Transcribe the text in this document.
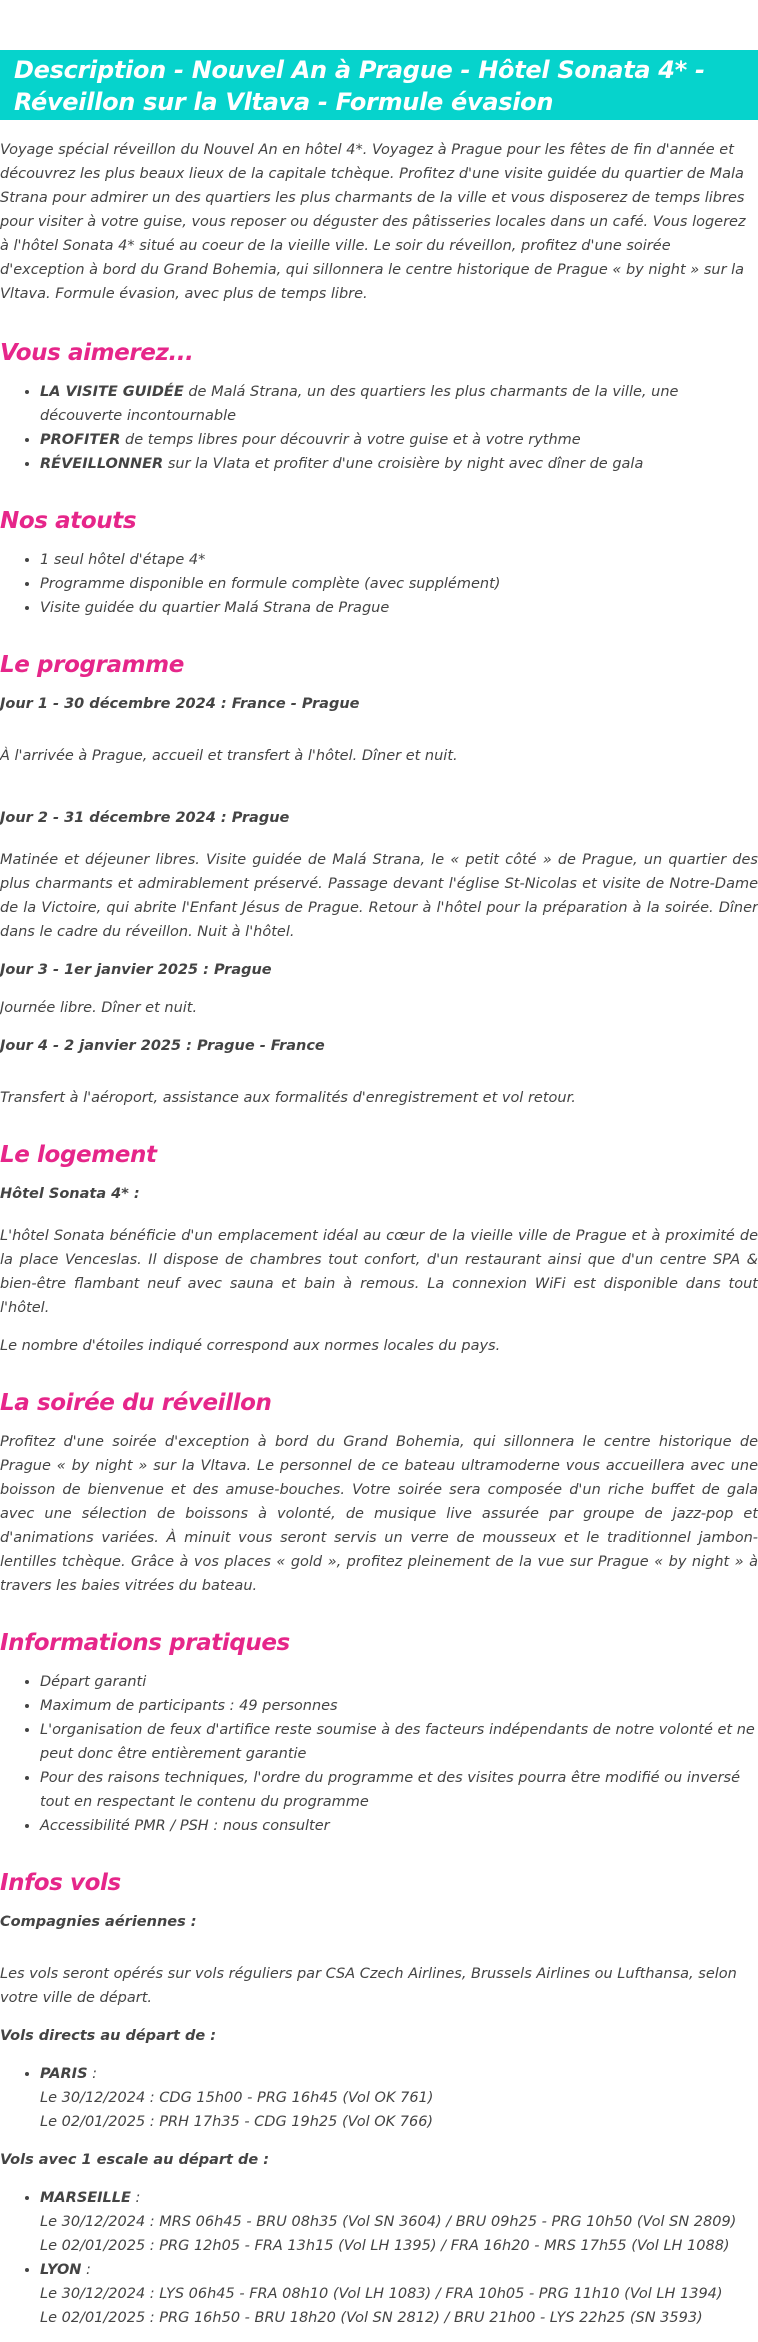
Description - Nouvel An à Prague - Hôtel Sonata 4* - Réveillon sur la Vltava - Formule évasion

Voyage spécial réveillon du Nouvel An en hôtel 4*. Voyagez à Prague pour les fêtes de fin d'année et découvrez les plus beaux lieux de la capitale tchèque. Profitez d'une visite guidée du quartier de Mala Strana pour admirer un des quartiers les plus charmants de la ville et vous disposerez de temps libres pour visiter à votre guise, vous reposer ou déguster des pâtisseries locales dans un café. Vous logerez à l'hôtel Sonata 4* situé au coeur de la vieille ville. Le soir du réveillon, profitez d'une soirée d'exception à bord du Grand Bohemia, qui sillonnera le centre historique de Prague « by night » sur la Vltava. Formule évasion, avec plus de temps libre.

Vous aimerez...
• LA VISITE GUIDÉE de Malá Strana, un des quartiers les plus charmants de la ville, une découverte incontournable
• PROFITER de temps libres pour découvrir à votre guise et à votre rythme
• RÉVEILLONNER sur la Vlata et profiter d'une croisière by night avec dîner de gala
Nos atouts
• 1 seul hôtel d'étape 4*
• Programme disponible en formule complète (avec supplément)
• Visite guidée du quartier Malá Strana de Prague
Le programme

Jour 1 - 30 décembre 2024 : France - Prague

À l'arrivée à Prague, accueil et transfert à l'hôtel. Dîner et nuit.

Jour 2 - 31 décembre 2024 : Prague

Matinée et déjeuner libres. Visite guidée de Malá Strana, le « petit côté » de Prague, un quartier des plus charmants et admirablement préservé. Passage devant l'église St-Nicolas et visite de Notre-Dame de la Victoire, qui abrite l'Enfant Jésus de Prague. Retour à l'hôtel pour la préparation à la soirée. Dîner dans le cadre du réveillon. Nuit à l'hôtel.

Jour 3 - 1er janvier 2025 : Prague

Journée libre. Dîner et nuit.

Jour 4 - 2 janvier 2025 : Prague - France

Transfert à l'aéroport, assistance aux formalités d'enregistrement et vol retour.

Le logement

Hôtel Sonata 4* :

L'hôtel Sonata bénéficie d'un emplacement idéal au cœur de la vieille ville de Prague et à proximité de la place Venceslas. Il dispose de chambres tout confort, d'un restaurant ainsi que d'un centre SPA & bien-être flambant neuf avec sauna et bain à remous. La connexion WiFi est disponible dans tout l'hôtel.

Le nombre d'étoiles indiqué correspond aux normes locales du pays.

La soirée du réveillon

Profitez d'une soirée d'exception à bord du Grand Bohemia, qui sillonnera le centre historique de Prague « by night » sur la Vltava. Le personnel de ce bateau ultramoderne vous accueillera avec une boisson de bienvenue et des amuse-bouches. Votre soirée sera composée d'un riche buffet de gala avec une sélection de boissons à volonté, de musique live assurée par groupe de jazz-pop et d'animations variées. À minuit vous seront servis un verre de mousseux et le traditionnel jambon-lentilles tchèque. Grâce à vos places « gold », profitez pleinement de la vue sur Prague « by night » à travers les baies vitrées du bateau.

Informations pratiques
• Départ garanti
• Maximum de participants : 49 personnes
• L'organisation de feux d'artifice reste soumise à des facteurs indépendants de notre volonté et ne peut donc être entièrement garantie
• Pour des raisons techniques, l'ordre du programme et des visites pourra être modifié ou inversé tout en respectant le contenu du programme
• Accessibilité PMR / PSH : nous consulter
Infos vols

Compagnies aériennes :

Les vols seront opérés sur vols réguliers par CSA Czech Airlines, Brussels Airlines ou Lufthansa, selon votre ville de départ.

Vols directs au départ de :

• PARIS :
Le 30/12/2024 : CDG 15h00 - PRG 16h45 (Vol OK 761)
Le 02/01/2025 : PRH 17h35 - CDG 19h25 (Vol OK 766)

Vols avec 1 escale au départ de :

• MARSEILLE :
Le 30/12/2024 : MRS 06h45 - BRU 08h35 (Vol SN 3604) / BRU 09h25 - PRG 10h50 (Vol SN 2809)
Le 02/01/2025 : PRG 12h05 - FRA 13h15 (Vol LH 1395) / FRA 16h20 - MRS 17h55 (Vol LH 1088)
• LYON :
Le 30/12/2024 : LYS 06h45 - FRA 08h10 (Vol LH 1083) / FRA 10h05 - PRG 11h10 (Vol LH 1394)
Le 02/01/2025 : PRG 16h50 - BRU 18h20 (Vol SN 2812) / BRU 21h00 - LYS 22h25 (SN 3593)
